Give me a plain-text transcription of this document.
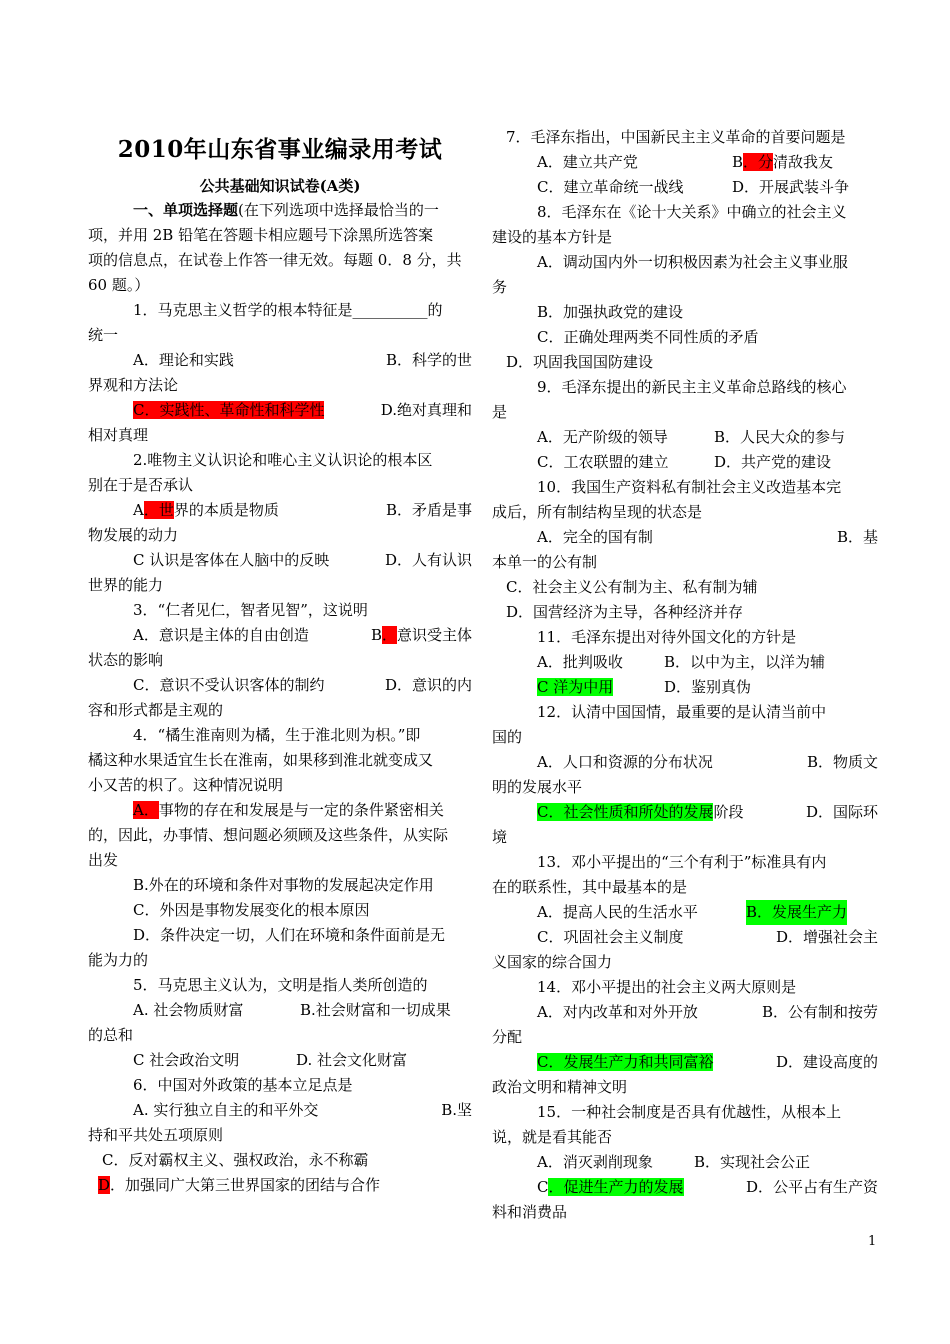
2010年山东省事业编录用考试
公共基础知识试卷(A类)
一、单项选择题(在下列选项中选择最恰当的一
项，并用 2B 铅笔在答题卡相应题号下涂黑所选答案
项的信息点，在试卷上作答一律无效。每题 0．8 分，共
60 题。）
1．马克思主义哲学的根本特征是__________的
统一
A．理论和实践	B．科学的世
界观和方法论
C．实践性、革命性和科学性	D.绝对真理和
相对真理
2.唯物主义认识论和唯心主义认识论的根本区
别在于是否承认
A．世界的本质是物质	B．矛盾是事
物发展的动力
C 认识是客体在人脑中的反映	D．人有认识
世界的能力
3．“仁者见仁，智者见智”，这说明
A．意识是主体的自由创造	B．意识受主体
状态的影响
C．意识不受认识客体的制约	D．意识的内
容和形式都是主观的
4．“橘生淮南则为橘，生于淮北则为枳。”即
橘这种水果适宜生长在淮南，如果移到淮北就变成又
小又苦的枳了。这种情况说明
A．事物的存在和发展是与一定的条件紧密相关
的，因此，办事情、想问题必须顾及这些条件，从实际
出发
B.外在的环境和条件对事物的发展起决定作用
C．外因是事物发展变化的根本原因
D．条件决定一切，人们在环境和条件面前是无
能为力的
5．马克思主义认为，文明是指人类所创造的
A. 社会物质财富	B.社会财富和一切成果
的总和
C 社会政治文明	D. 社会文化财富
6．中国对外政策的基本立足点是
A. 实行独立自主的和平外交	B.坚
持和平共处五项原则
C．反对霸权主义、强权政治，永不称霸
D．加强同广大第三世界国家的团结与合作
7．毛泽东指出，中国新民主主义革命的首要问题是
A．建立共产党	B．分清敌我友
C．建立革命统一战线	D．开展武装斗争
8．毛泽东在《论十大关系》中确立的社会主义
建设的基本方针是
A．调动国内外一切积极因素为社会主义事业服
务
B．加强执政党的建设
C．正确处理两类不同性质的矛盾
D．巩固我国国防建设
9．毛泽东提出的新民主主义革命总路线的核心
是
A．无产阶级的领导	B．人民大众的参与
C．工农联盟的建立	D．共产党的建设
10．我国生产资料私有制社会主义改造基本完
成后，所有制结构呈现的状态是
A．完全的国有制	B．基
本单一的公有制
C．社会主义公有制为主、私有制为辅
D．国营经济为主导，各种经济并存
11．毛泽东提出对待外国文化的方针是
A．批判吸收	B．以中为主，以洋为辅
C 洋为中用	D．鉴别真伪
12．认清中国国情，最重要的是认清当前中
国的
A．人口和资源的分布状况	B．物质文
明的发展水平
C．社会性质和所处的发展阶段	D．国际环
境
13．邓小平提出的“三个有利于”标准具有内
在的联系性，其中最基本的是
A．提高人民的生活水平	B．发展生产力
C．巩固社会主义制度	D．增强社会主
义国家的综合国力
14．邓小平提出的社会主义两大原则是
A．对内改革和对外开放	B．公有制和按劳
分配
C．发展生产力和共同富裕	D．建设高度的
政治文明和精神文明
15．一种社会制度是否具有优越性，从根本上
说，就是看其能否
A．消灭剥削现象	B．实现社会公正
C．促进生产力的发展	D．公平占有生产资
料和消费品
1
